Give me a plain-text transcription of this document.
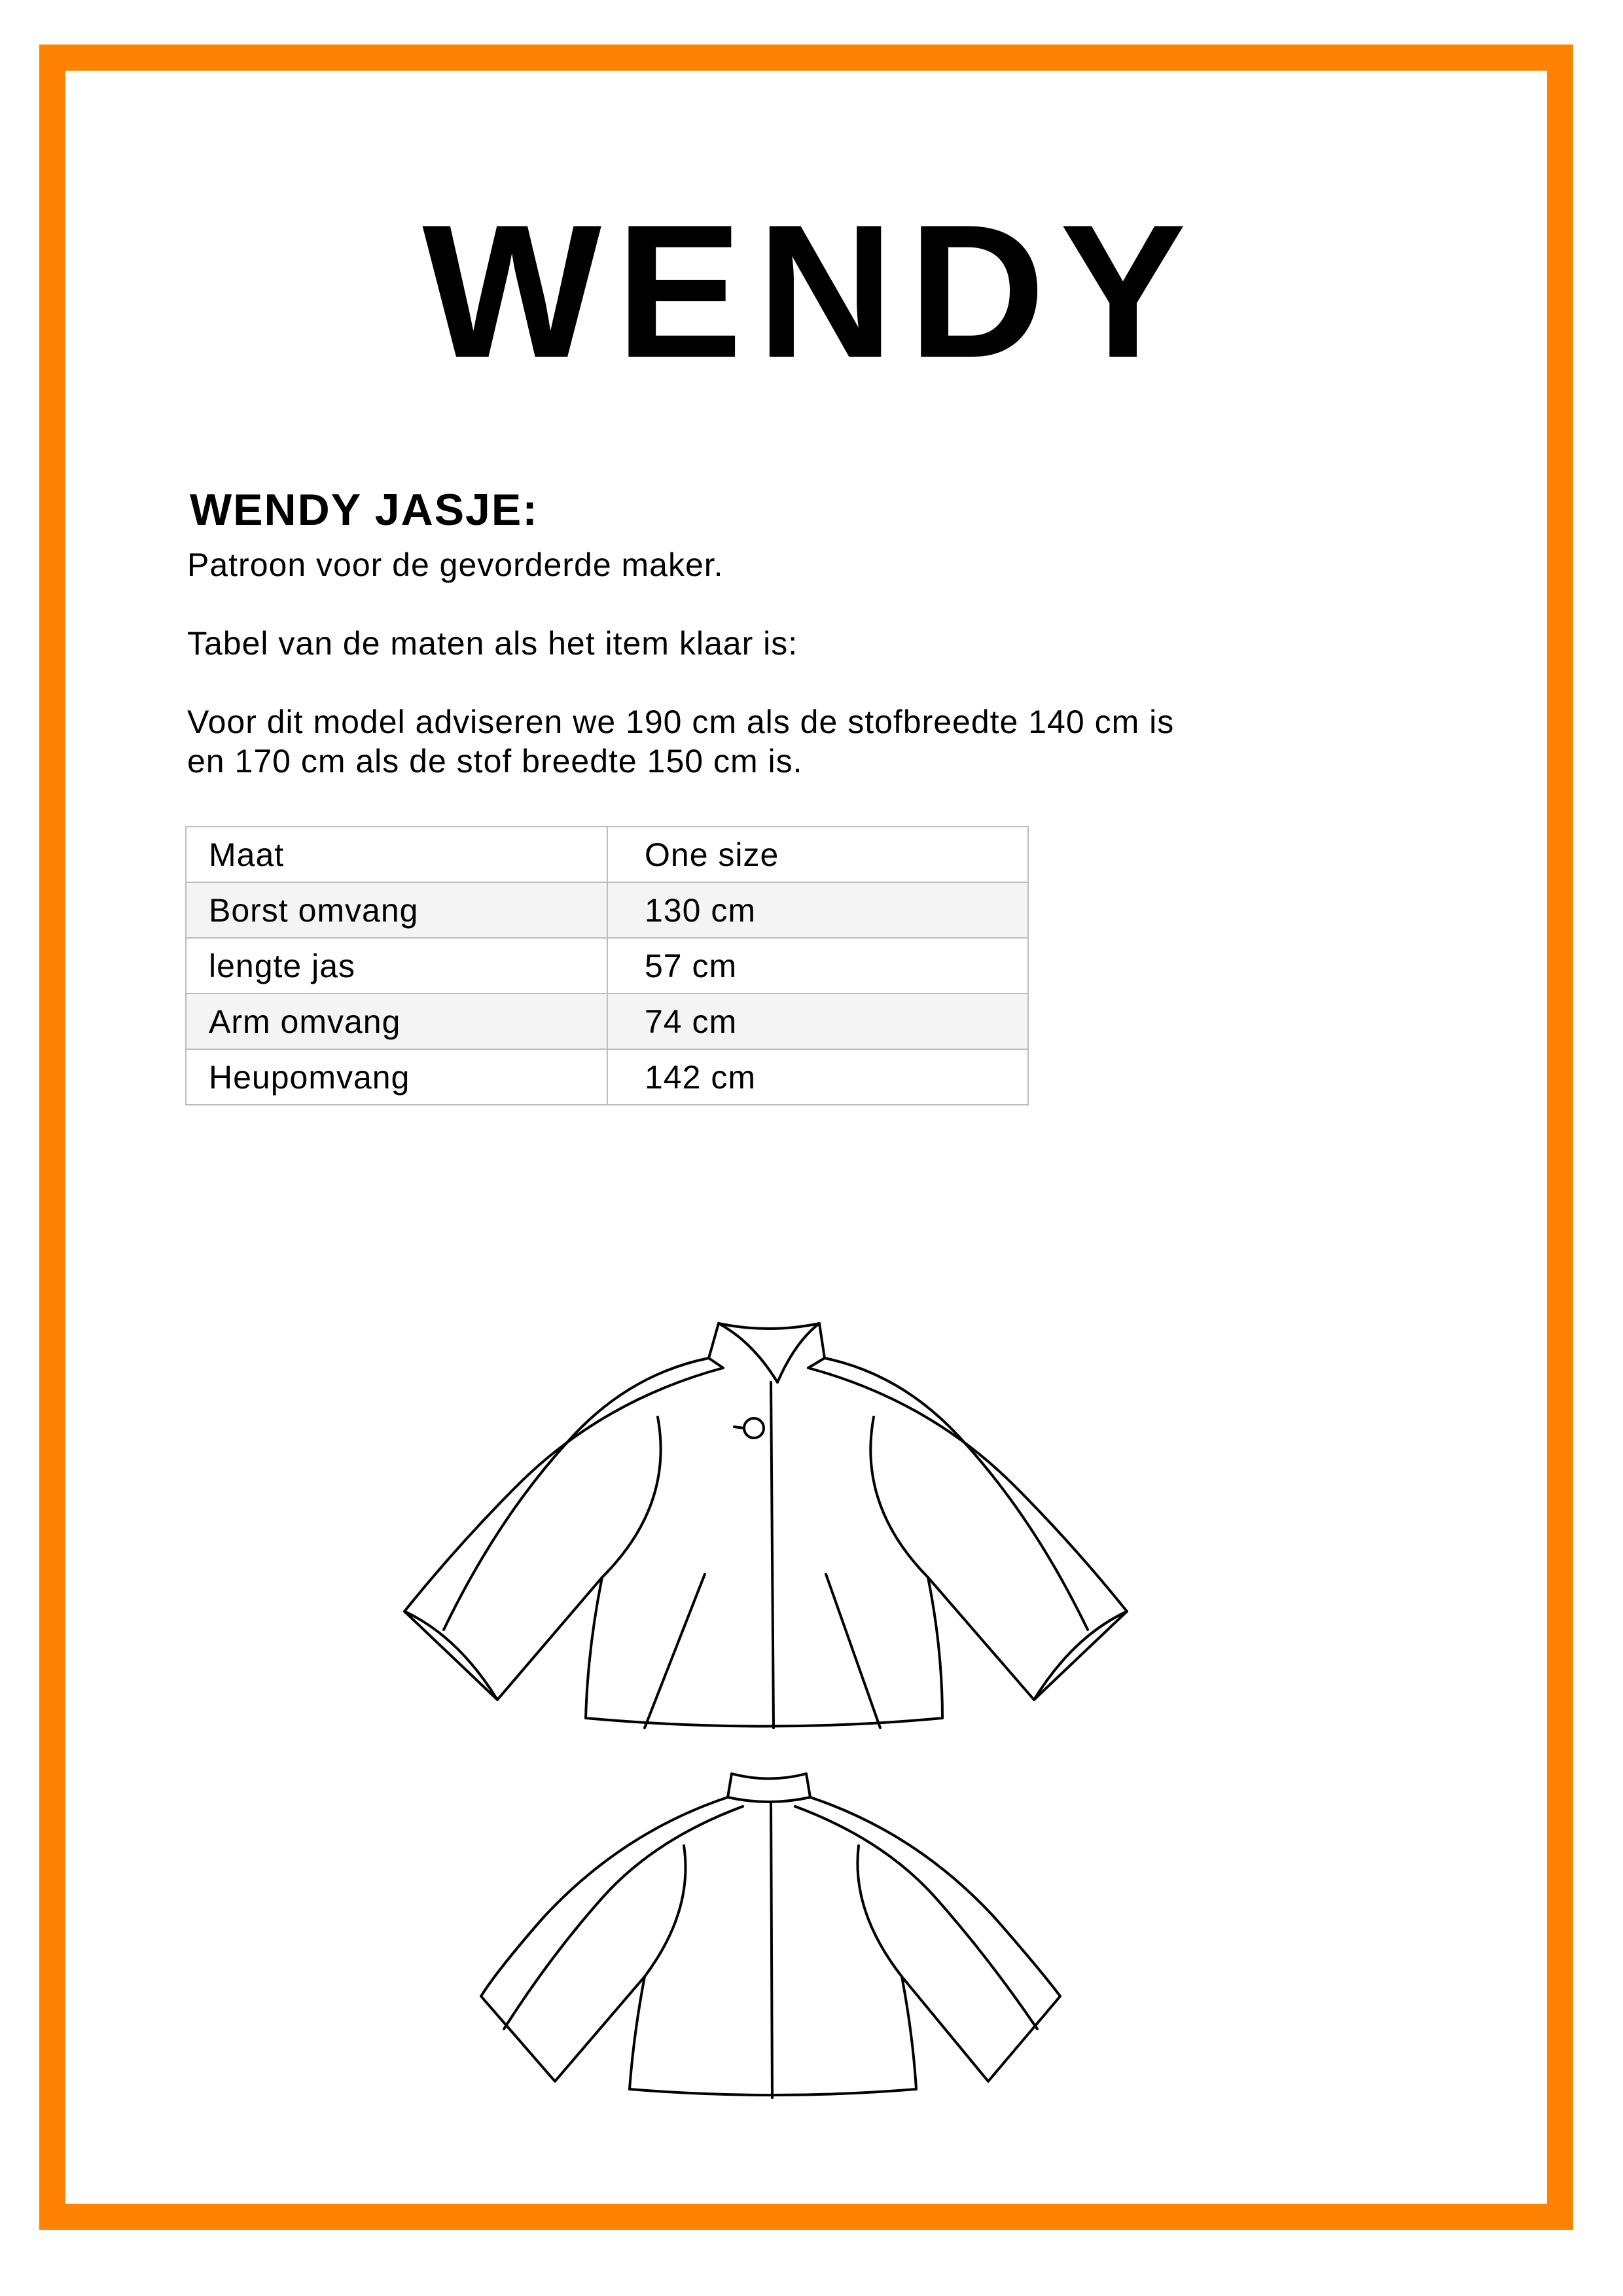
WENDY
WENDY JASJE:
Patroon voor de gevorderde maker.
Tabel van de maten als het item klaar is:
Voor dit model adviseren we 190 cm als de stofbreedte 140 cm is
en 170 cm als de stof breedte 150 cm is.
Maat	One size
Borst omvang	130 cm
lengte jas	57 cm
Arm omvang	74 cm
Heupomvang	142 cm
